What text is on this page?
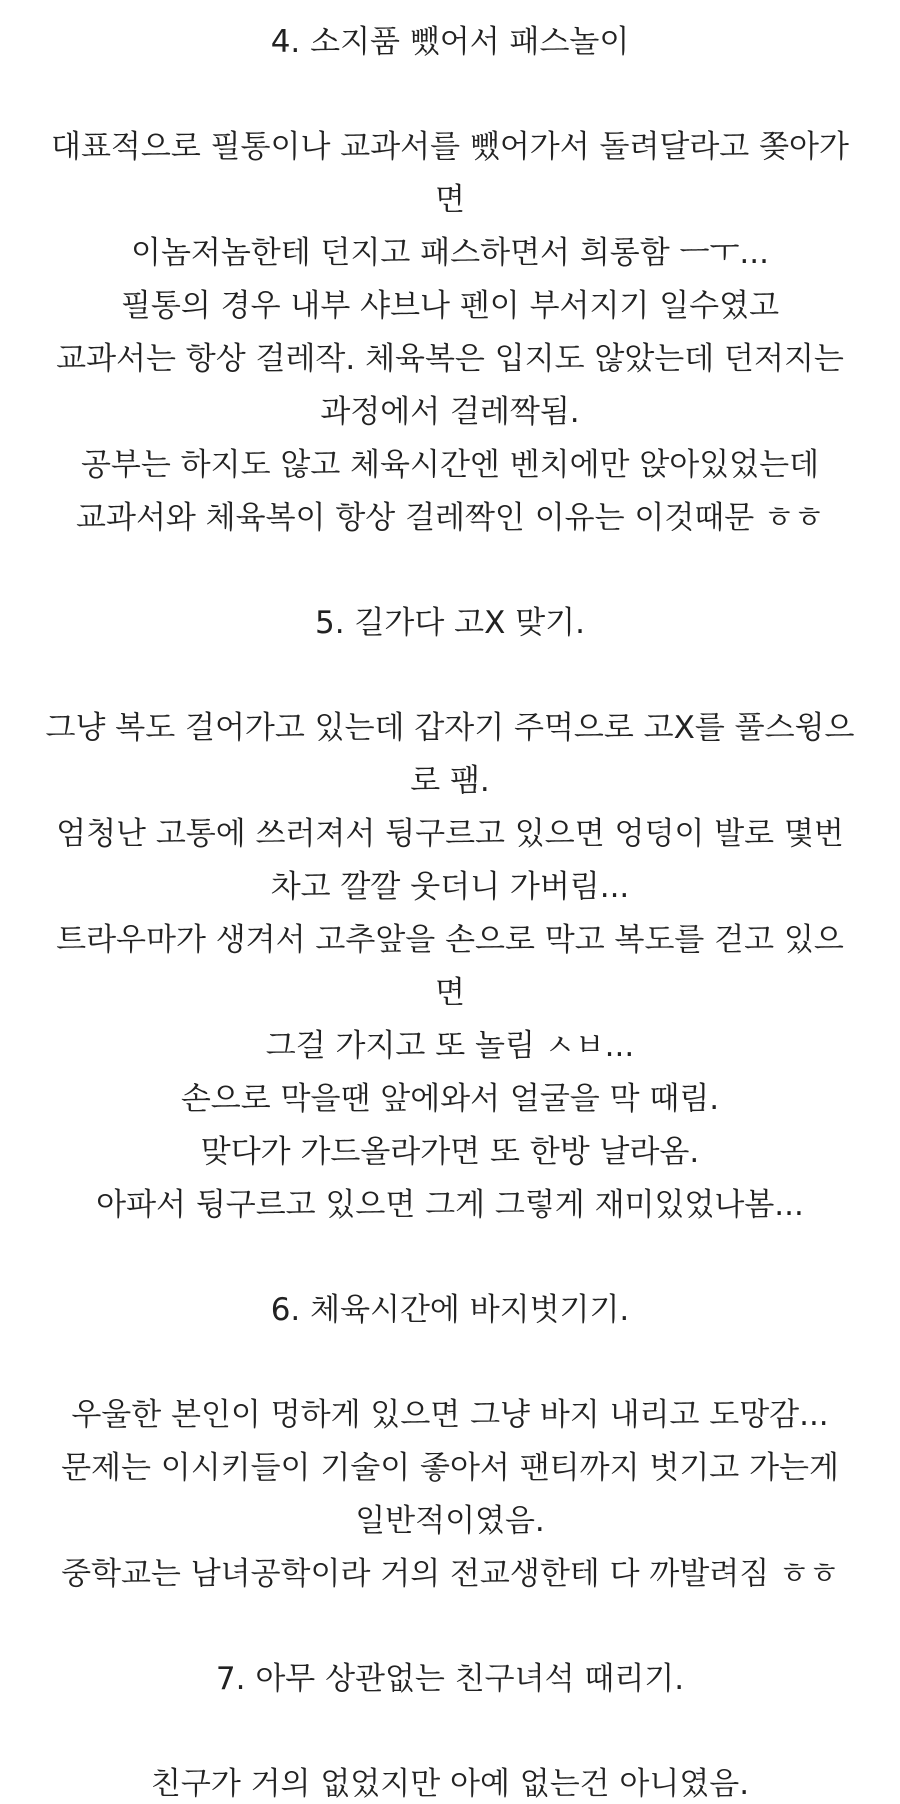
4. 소지품 뺐어서 패스놀이
대표적으로 필통이나 교과서를 뺐어가서 돌려달라고 쫒아가
면
이놈저놈한테 던지고 패스하면서 희롱함 ㅡㅜ...
필통의 경우 내부 샤브나 펜이 부서지기 일수였고
교과서는 항상 걸레작. 체육복은 입지도 않았는데 던저지는
과정에서 걸레짝됨.
공부는 하지도 않고 체육시간엔 벤치에만 앉아있었는데
교과서와 체육복이 항상 걸레짝인 이유는 이것때문 ㅎㅎ
5. 길가다 고X 맞기.
그냥 복도 걸어가고 있는데 갑자기 주먹으로 고X를 풀스윙으
로 팸.
엄청난 고통에 쓰러져서 뒹구르고 있으면 엉덩이 발로 몇번
차고 깔깔 웃더니 가버림...
트라우마가 생겨서 고추앞을 손으로 막고 복도를 걷고 있으
면
그걸 가지고 또 놀림 ㅅㅂ...
손으로 막을땐 앞에와서 얼굴을 막 때림.
맞다가 가드올라가면 또 한방 날라옴.
아파서 뒹구르고 있으면 그게 그렇게 재미있었나봄...
6. 체육시간에 바지벗기기.
우울한 본인이 멍하게 있으면 그냥 바지 내리고 도망감...
문제는 이시키들이 기술이 좋아서 팬티까지 벗기고 가는게
일반적이였음.
중학교는 남녀공학이라 거의 전교생한테 다 까발려짐 ㅎㅎ
7. 아무 상관없는 친구녀석 때리기.
친구가 거의 없었지만 아예 없는건 아니였음.
